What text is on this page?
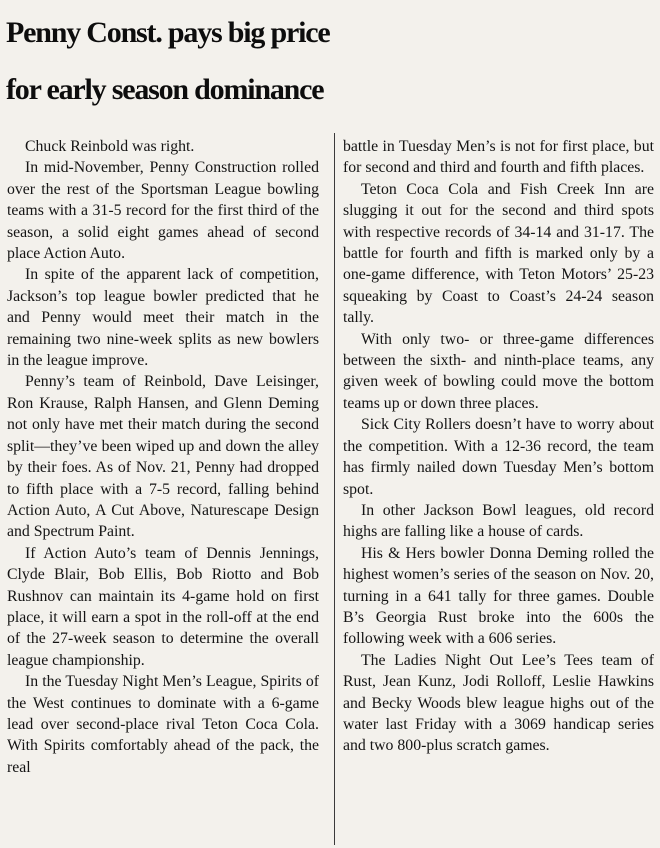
Penny Const. pays big price
for early season dominance

Chuck Reinbold was right.

In mid-November, Penny Construction rolled over the rest of the Sportsman League bowling teams with a 31-5 record for the first third of the season, a solid eight games ahead of second place Action Auto.

In spite of the apparent lack of competition, Jackson’s top league bowler predicted that he and Penny would meet their match in the remaining two nine-week splits as new bowlers in the league improve.

Penny’s team of Reinbold, Dave Leisinger, Ron Krause, Ralph Hansen, and Glenn Deming not only have met their match during the second split—they’ve been wiped up and down the alley by their foes. As of Nov. 21, Penny had dropped to fifth place with a 7-5 record, falling behind Action Auto, A Cut Above, Naturescape Design and Spectrum Paint.

If Action Auto’s team of Dennis Jennings, Clyde Blair, Bob Ellis, Bob Riotto and Bob Rushnov can maintain its 4-game hold on first place, it will earn a spot in the roll-off at the end of the 27-week season to determine the overall league championship.

In the Tuesday Night Men’s League, Spirits of the West continues to dominate with a 6-game lead over second-place rival Teton Coca Cola. With Spirits comfortably ahead of the pack, the real

battle in Tuesday Men’s is not for first place, but for second and third and fourth and fifth places.

Teton Coca Cola and Fish Creek Inn are slugging it out for the second and third spots with respective records of 34-14 and 31-17. The battle for fourth and fifth is marked only by a one-game difference, with Teton Motors’ 25-23 squeaking by Coast to Coast’s 24-24 season tally.

With only two- or three-game differences between the sixth- and ninth-place teams, any given week of bowling could move the bottom teams up or down three places.

Sick City Rollers doesn’t have to worry about the competition. With a 12-36 record, the team has firmly nailed down Tuesday Men’s bottom spot.

In other Jackson Bowl leagues, old record highs are falling like a house of cards.

His & Hers bowler Donna Deming rolled the highest women’s series of the season on Nov. 20, turning in a 641 tally for three games. Double B’s Georgia Rust broke into the 600s the following week with a 606 series.

The Ladies Night Out Lee’s Tees team of Rust, Jean Kunz, Jodi Rolloff, Leslie Hawkins and Becky Woods blew league highs out of the water last Friday with a 3069 handicap series and two 800-plus scratch games.
